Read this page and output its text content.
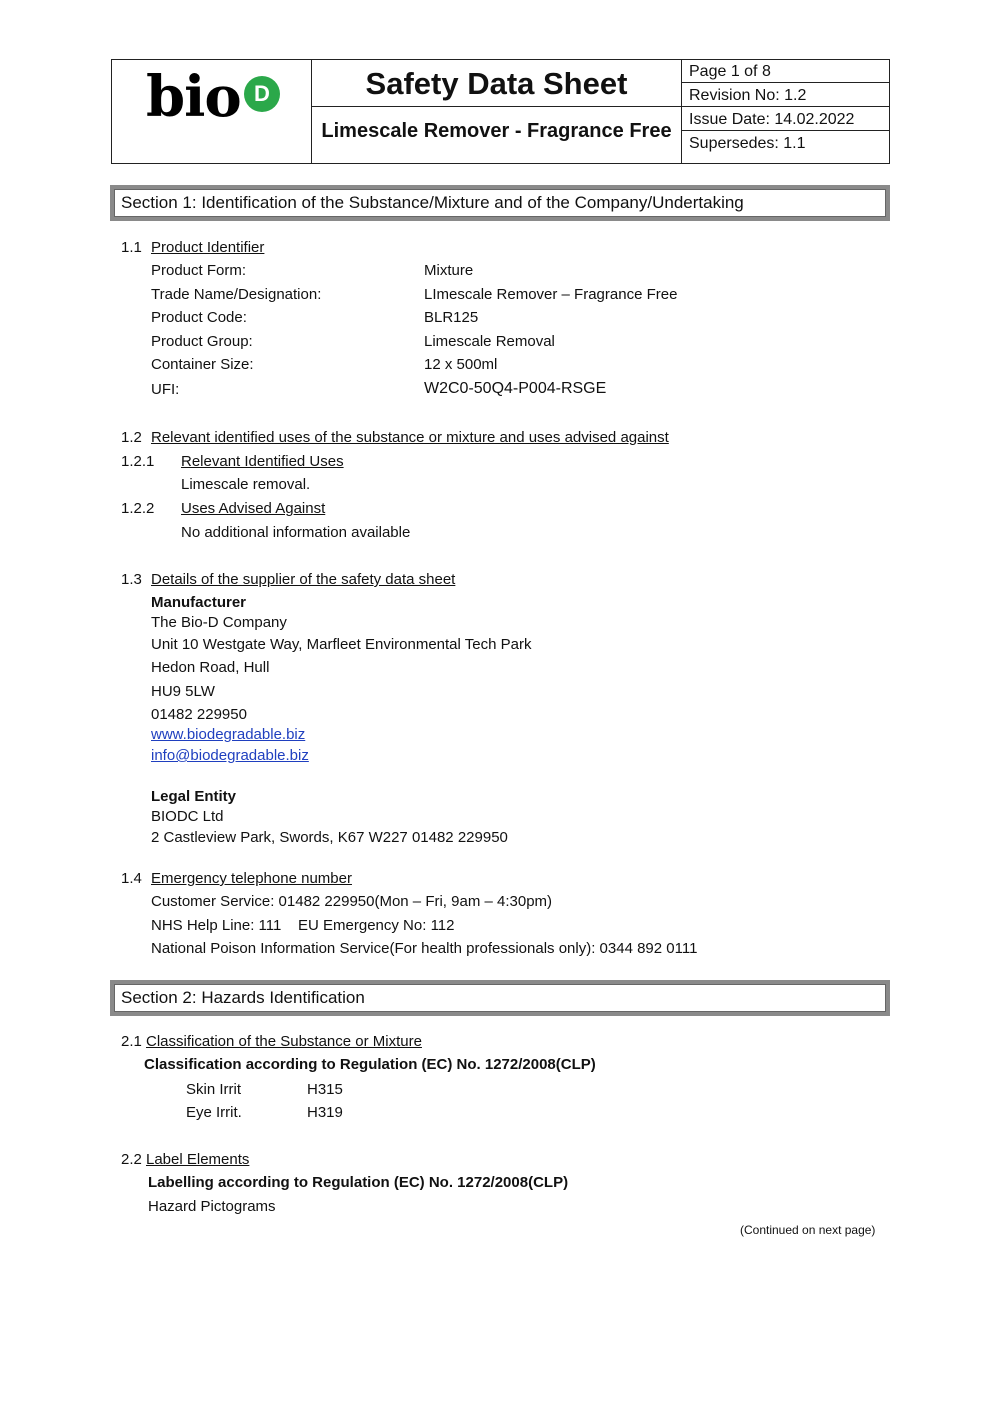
bio D	Safety Data Sheet
Limescale Remover - Fragrance Free
Page 1 of 8
Revision No: 1.2
Issue Date: 14.02.2022
Supersedes: 1.1
Section 1: Identification of the Substance/Mixture and of the Company/Undertaking
1.1 Product Identifier
Product Form:	Mixture
Trade Name/Designation:	LImescale Remover – Fragrance Free
Product Code:	BLR125
Product Group:	Limescale Removal
Container Size:	12 x 500ml
UFI:	W2C0-50Q4-P004-RSGE
1.2 Relevant identified uses of the substance or mixture and uses advised against
1.2.1 Relevant Identified Uses
Limescale removal.
1.2.2 Uses Advised Against
No additional information available
1.3 Details of the supplier of the safety data sheet
Manufacturer
The Bio-D Company
Unit 10 Westgate Way, Marfleet Environmental Tech Park
Hedon Road, Hull
HU9 5LW
01482 229950
www.biodegradable.biz
info@biodegradable.biz
Legal Entity
BIODC Ltd
2 Castleview Park, Swords, K67 W227 01482 229950
1.4 Emergency telephone number
Customer Service: 01482 229950(Mon – Fri, 9am – 4:30pm)
NHS Help Line: 111    EU Emergency No: 112
National Poison Information Service(For health professionals only): 0344 892 0111
Section 2: Hazards Identification
2.1 Classification of the Substance or Mixture
Classification according to Regulation (EC) No. 1272/2008(CLP)
Skin Irrit	H315
Eye Irrit.	H319
2.2 Label Elements
Labelling according to Regulation (EC) No. 1272/2008(CLP)
Hazard Pictograms
(Continued on next page)
